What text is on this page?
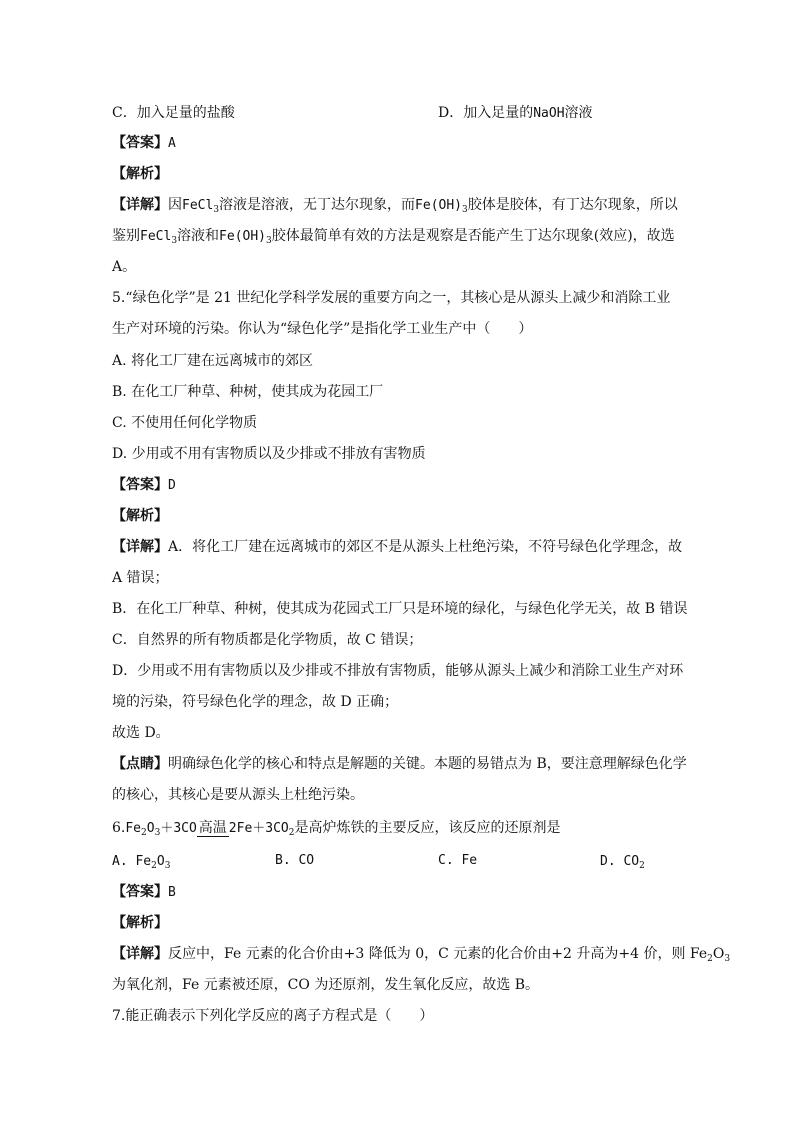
C．加入足量的盐酸	D．加入足量的NaOH溶液
【答案】A
【解析】
【详解】因FeCl$_3$溶液是溶液，无丁达尔现象，而$Fe(OH)_3$胶体是胶体，有丁达尔现象，所以
鉴别FeCl$_3$溶液和$Fe(OH)_3$胶体最简单有效的方法是观察是否能产生丁达尔现象(效应)，故选
A。
5.“绿色化学”是 21 世纪化学科学发展的重要方向之一，其核心是从源头上减少和消除工业
生产对环境的污染。你认为“绿色化学”是指化学工业生产中（　　）
A. 将化工厂建在远离城市的郊区
B. 在化工厂种草、种树，使其成为花园工厂
C. 不使用任何化学物质
D. 少用或不用有害物质以及少排或不排放有害物质
【答案】D
【解析】
【详解】A．将化工厂建在远离城市的郊区不是从源头上杜绝污染，不符号绿色化学理念，故
A 错误；
B．在化工厂种草、种树，使其成为花园式工厂只是环境的绿化，与绿色化学无关，故 B 错误
C．自然界的所有物质都是化学物质，故 C 错误；
D．少用或不用有害物质以及少排或不排放有害物质，能够从源头上减少和消除工业生产对环
境的污染，符号绿色化学的理念，故 D 正确；
故选 D。
【点睛】明确绿色化学的核心和特点是解题的关键。本题的易错点为 B，要注意理解绿色化学
的核心，其核心是要从源头上杜绝污染。
$6.Fe_2O_3+3CO$ 高温 $2Fe+3CO_2$是高炉炼铁的主要反应，该反应的还原剂是
A. $Fe_2O_3$	B. CO	C. Fe	D. $CO_2$
【答案】B
【解析】
【详解】反应中，Fe 元素的化合价由+3 降低为 0，C 元素的化合价由+2 升高为+4 价，则 $Fe_2O_3$
为氧化剂，Fe 元素被还原，CO 为还原剂，发生氧化反应，故选 B。
7.能正确表示下列化学反应的离子方程式是（　　）
